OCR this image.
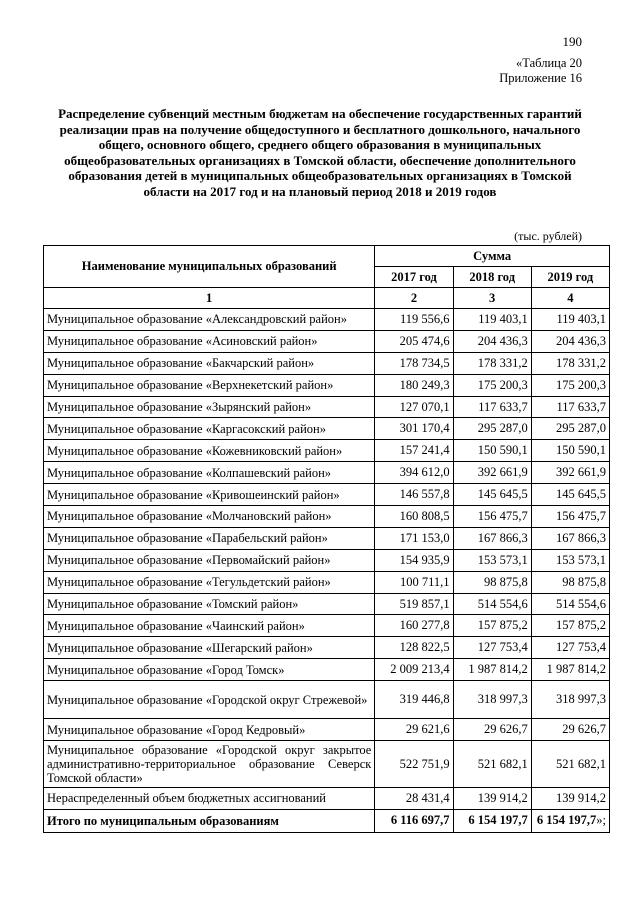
190
«Таблица 20
Приложение 16
Распределение субвенций местным бюджетам на обеспечение государственных гарантий реализации прав на получение общедоступного и бесплатного дошкольного, начального общего, основного общего, среднего общего образования в муниципальных общеобразовательных организациях в Томской области, обеспечение дополнительного образования детей в муниципальных общеобразовательных организациях в Томской области на 2017 год и на плановый период 2018 и 2019 годов
(тыс. рублей)
Наименование муниципальных образований	Сумма		
	2017 год	2018 год	2019 год
1	2	3	4
Муниципальное образование «Александровский район»	119 556,6	119 403,1	119 403,1
Муниципальное образование «Асиновский район»	205 474,6	204 436,3	204 436,3
Муниципальное образование «Бакчарский район»	178 734,5	178 331,2	178 331,2
Муниципальное образование «Верхнекетский район»	180 249,3	175 200,3	175 200,3
Муниципальное образование «Зырянский район»	127 070,1	117 633,7	117 633,7
Муниципальное образование «Каргасокский район»	301 170,4	295 287,0	295 287,0
Муниципальное образование «Кожевниковский район»	157 241,4	150 590,1	150 590,1
Муниципальное образование «Колпашевский район»	394 612,0	392 661,9	392 661,9
Муниципальное образование «Кривошеинский район»	146 557,8	145 645,5	145 645,5
Муниципальное образование «Молчановский район»	160 808,5	156 475,7	156 475,7
Муниципальное образование «Парабельский район»	171 153,0	167 866,3	167 866,3
Муниципальное образование «Первомайский район»	154 935,9	153 573,1	153 573,1
Муниципальное образование «Тегульдетский район»	100 711,1	98 875,8	98 875,8
Муниципальное образование «Томский район»	519 857,1	514 554,6	514 554,6
Муниципальное образование «Чаинский район»	160 277,8	157 875,2	157 875,2
Муниципальное образование «Шегарский район»	128 822,5	127 753,4	127 753,4
Муниципальное образование «Город Томск»	2 009 213,4	1 987 814,2	1 987 814,2
Муниципальное образование «Городской округ Стрежевой»	319 446,8	318 997,3	318 997,3
Муниципальное образование «Город Кедровый»	29 621,6	29 626,7	29 626,7
Муниципальное образование «Городской округ закрытое административно-территориальное образование Северск Томской области»	522 751,9	521 682,1	521 682,1
Нераспределенный объем бюджетных ассигнований	28 431,4	139 914,2	139 914,2
Итого по муниципальным образованиям	6 116 697,7	6 154 197,7	6 154 197,7»;
